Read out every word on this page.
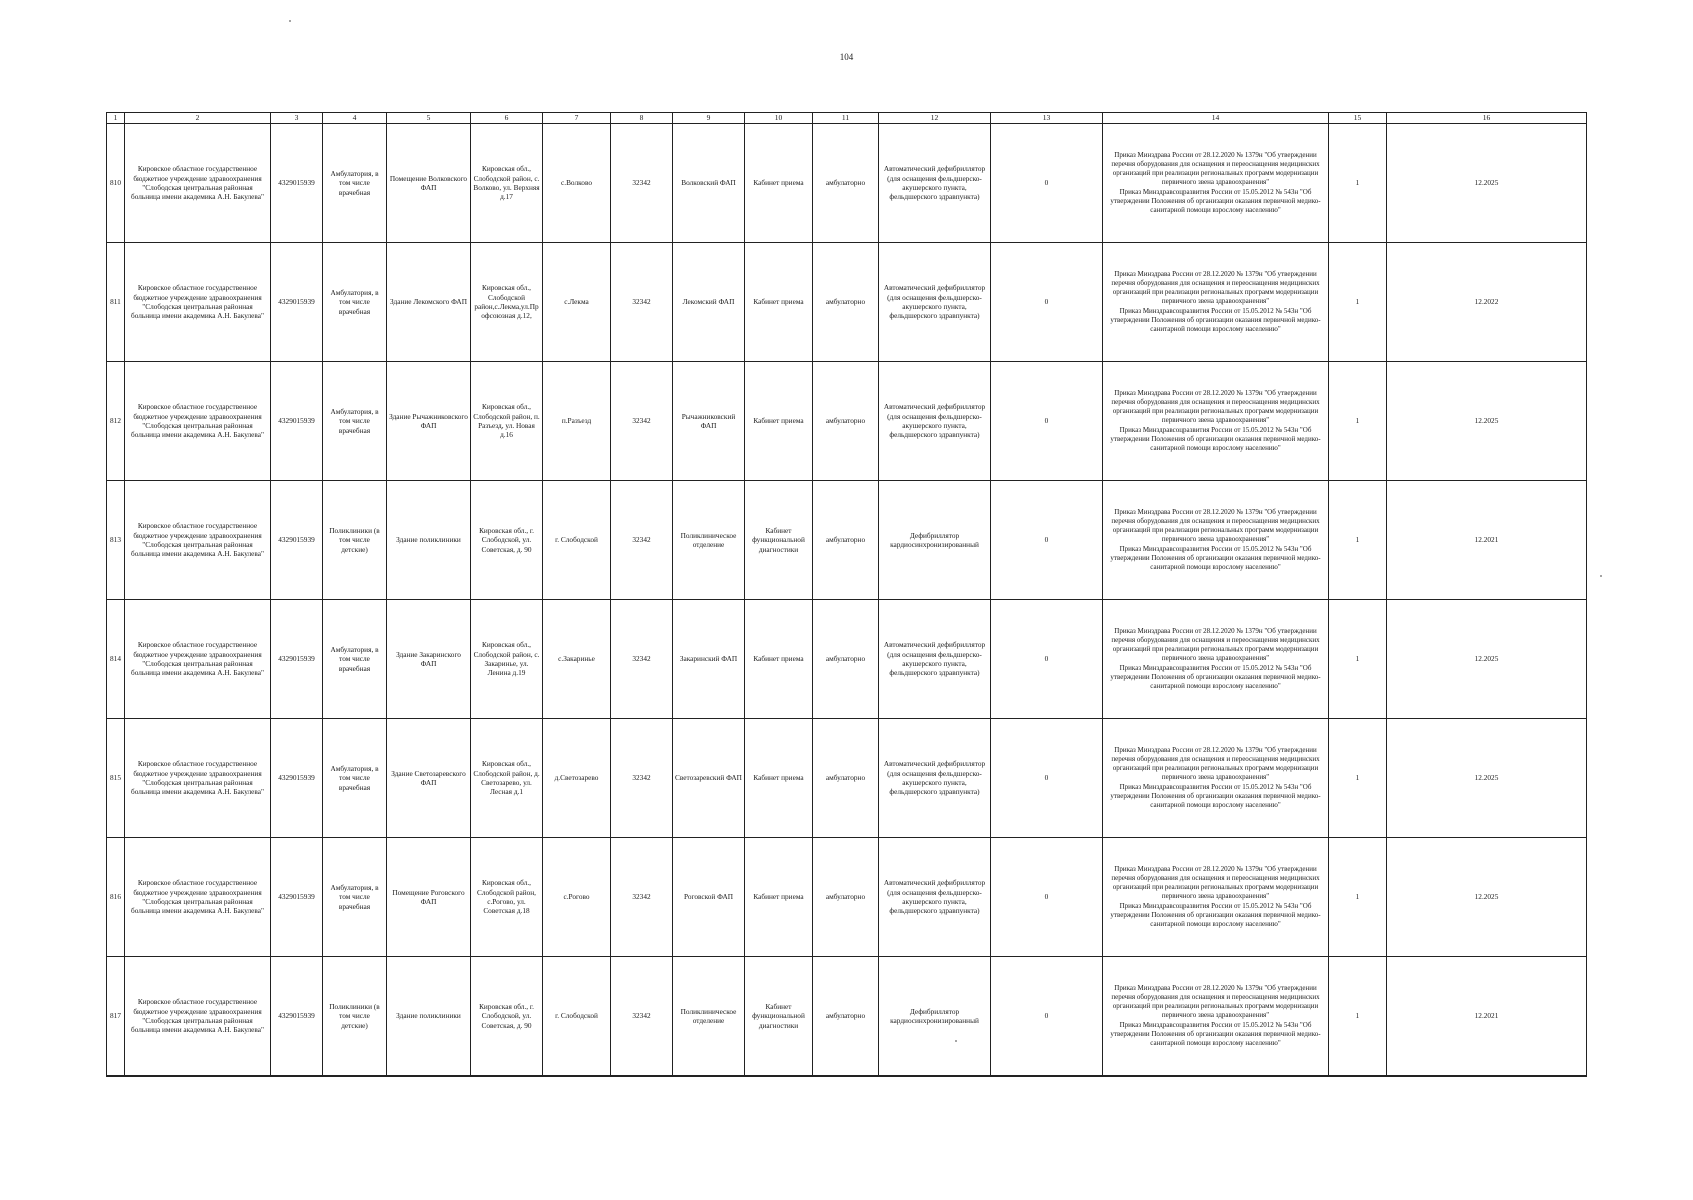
104
1	2	3	4	5	6	7	8	9	10	11	12	13	14	15	16
810	Кировское областное государственное бюджетное учреждение здравоохранения "Слободская центральная районная больница имени академика А.Н. Бакулева"	4329015939	Амбулатория, в том числе врачебная	Помещение Волковского ФАП	Кировская обл., Слободской район, с. Волково, ул. Верхняя д.17	с.Волково	32342	Волковский ФАП	Кабинет приема	амбулаторно	Автоматический дефибриллятор (для оснащения фельдшерско-акушерского пункта, фельдшерского здравпункта)	0	Приказ Минздрава России от 28.12.2020 № 1379н "Об утверждении перечня оборудования для оснащения и переоснащения медицинских организаций при реализации региональных программ модернизации первичного звена здравоохранения"
Приказ Минздравсоцразвития России от 15.05.2012 № 543н "Об утверждении Положения об организации оказания первичной медико-санитарной помощи взрослому населению"	1	12.2025
811	Кировское областное государственное бюджетное учреждение здравоохранения "Слободская центральная районная больница имени академика А.Н. Бакулева"	4329015939	Амбулатория, в том числе врачебная	Здание Лекомского ФАП	Кировская обл., Слободской район,с.Лекма,ул.Профсоюзная д.12,	с.Лекма	32342	Лекомский ФАП	Кабинет приема	амбулаторно	Автоматический дефибриллятор (для оснащения фельдшерско-акушерского пункта, фельдшерского здравпункта)	0	Приказ Минздрава России от 28.12.2020 № 1379н "Об утверждении перечня оборудования для оснащения и переоснащения медицинских организаций при реализации региональных программ модернизации первичного звена здравоохранения"
Приказ Минздравсоцразвития России от 15.05.2012 № 543н "Об утверждении Положения об организации оказания первичной медико-санитарной помощи взрослому населению"	1	12.2022
812	Кировское областное государственное бюджетное учреждение здравоохранения "Слободская центральная районная больница имени академика А.Н. Бакулева"	4329015939	Амбулатория, в том числе врачебная	Здание Рычажниковского ФАП	Кировская обл., Слободской район, п. Разъезд, ул. Новая д.16	п.Разъезд	32342	Рычажниковский ФАП	Кабинет приема	амбулаторно	Автоматический дефибриллятор (для оснащения фельдшерско-акушерского пункта, фельдшерского здравпункта)	0	Приказ Минздрава России от 28.12.2020 № 1379н "Об утверждении перечня оборудования для оснащения и переоснащения медицинских организаций при реализации региональных программ модернизации первичного звена здравоохранения"
Приказ Минздравсоцразвития России от 15.05.2012 № 543н "Об утверждении Положения об организации оказания первичной медико-санитарной помощи взрослому населению"	1	12.2025
813	Кировское областное государственное бюджетное учреждение здравоохранения "Слободская центральная районная больница имени академика А.Н. Бакулева"	4329015939	Поликлиники (в том числе детские)	Здание поликлиники	Кировская обл., г. Слободской, ул. Советская, д. 90	г. Слободской	32342	Поликлиническое отделение	Кабинет функциональной диагностики	амбулаторно	Дефибриллятор кардиосинхронизированный	0	Приказ Минздрава России от 28.12.2020 № 1379н "Об утверждении перечня оборудования для оснащения и переоснащения медицинских организаций при реализации региональных программ модернизации первичного звена здравоохранения"
Приказ Минздравсоцразвития России от 15.05.2012 № 543н "Об утверждении Положения об организации оказания первичной медико-санитарной помощи взрослому населению"	1	12.2021
814	Кировское областное государственное бюджетное учреждение здравоохранения "Слободская центральная районная больница имени академика А.Н. Бакулева"	4329015939	Амбулатория, в том числе врачебная	Здание Закаринского ФАП	Кировская обл., Слободской район, с. Закаринье, ул. Ленина д.19	с.Закаринье	32342	Закаринский ФАП	Кабинет приема	амбулаторно	Автоматический дефибриллятор (для оснащения фельдшерско-акушерского пункта, фельдшерского здравпункта)	0	Приказ Минздрава России от 28.12.2020 № 1379н "Об утверждении перечня оборудования для оснащения и переоснащения медицинских организаций при реализации региональных программ модернизации первичного звена здравоохранения"
Приказ Минздравсоцразвития России от 15.05.2012 № 543н "Об утверждении Положения об организации оказания первичной медико-санитарной помощи взрослому населению"	1	12.2025
815	Кировское областное государственное бюджетное учреждение здравоохранения "Слободская центральная районная больница имени академика А.Н. Бакулева"	4329015939	Амбулатория, в том числе врачебная	Здание Светозаревского ФАП	Кировская обл., Слободской район, д. Светозарево, ул. Лесная д.1	д.Светозарево	32342	Светозаревский ФАП	Кабинет приема	амбулаторно	Автоматический дефибриллятор (для оснащения фельдшерско-акушерского пункта, фельдшерского здравпункта)	0	Приказ Минздрава России от 28.12.2020 № 1379н "Об утверждении перечня оборудования для оснащения и переоснащения медицинских организаций при реализации региональных программ модернизации первичного звена здравоохранения"
Приказ Минздравсоцразвития России от 15.05.2012 № 543н "Об утверждении Положения об организации оказания первичной медико-санитарной помощи взрослому населению"	1	12.2025
816	Кировское областное государственное бюджетное учреждение здравоохранения "Слободская центральная районная больница имени академика А.Н. Бакулева"	4329015939	Амбулатория, в том числе врачебная	Помещение Роговского ФАП	Кировская обл., Слободской район, с.Рогово, ул. Советская д.18	с.Рогово	32342	Роговской ФАП	Кабинет приема	амбулаторно	Автоматический дефибриллятор (для оснащения фельдшерско-акушерского пункта, фельдшерского здравпункта)	0	Приказ Минздрава России от 28.12.2020 № 1379н "Об утверждении перечня оборудования для оснащения и переоснащения медицинских организаций при реализации региональных программ модернизации первичного звена здравоохранения"
Приказ Минздравсоцразвития России от 15.05.2012 № 543н "Об утверждении Положения об организации оказания первичной медико-санитарной помощи взрослому населению"	1	12.2025
817	Кировское областное государственное бюджетное учреждение здравоохранения "Слободская центральная районная больница имени академика А.Н. Бакулева"	4329015939	Поликлиники (в том числе детские)	Здание поликлиники	Кировская обл., г. Слободской, ул. Советская, д. 90	г. Слободской	32342	Поликлиническое отделение	Кабинет функциональной диагностики	амбулаторно	Дефибриллятор кардиосинхронизированный	0	Приказ Минздрава России от 28.12.2020 № 1379н "Об утверждении перечня оборудования для оснащения и переоснащения медицинских организаций при реализации региональных программ модернизации первичного звена здравоохранения"
Приказ Минздравсоцразвития России от 15.05.2012 № 543н "Об утверждении Положения об организации оказания первичной медико-санитарной помощи взрослому населению"	1	12.2021
